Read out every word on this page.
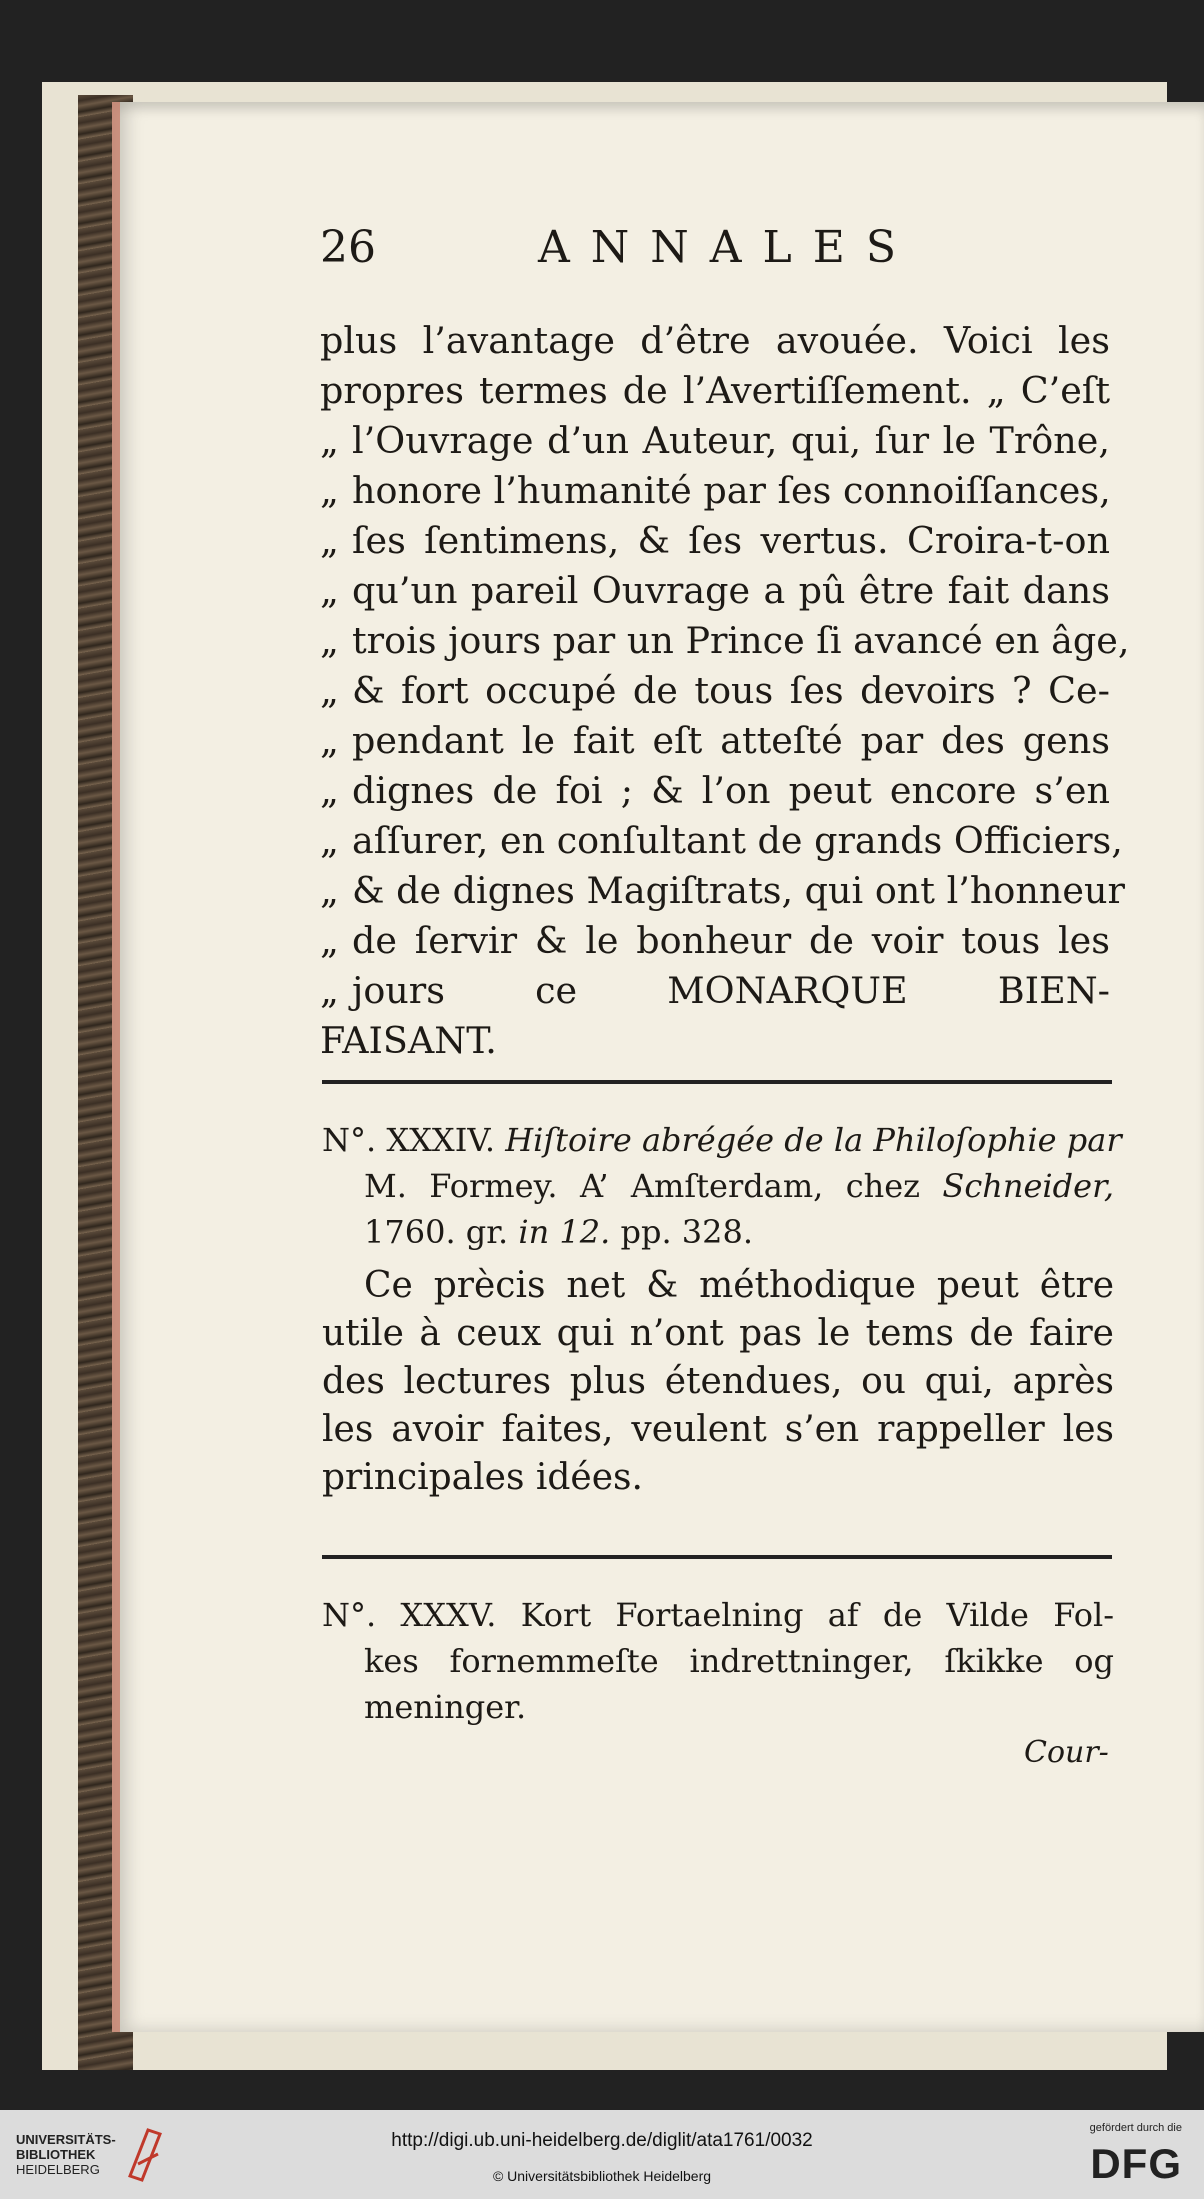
26	ANNALES
plus l’avantage d’être avouée. Voici les
propres termes de l’Avertiſſement. „ C’eſt
„ l’Ouvrage d’un Auteur, qui, ſur le Trône,
„ honore l’humanité par ſes connoiſſances,
„ ſes ſentimens, & ſes vertus. Croira-t-on
„ qu’un pareil Ouvrage a pû être fait dans
„ trois jours par un Prince ſi avancé en âge,
„ & fort occupé de tous ſes devoirs ? Ce-
„ pendant le fait eſt atteſté par des gens
„ dignes de foi ; & l’on peut encore s’en
„ aſſurer, en conſultant de grands Officiers,
„ & de dignes Magiſtrats, qui ont l’honneur
„ de ſervir & le bonheur de voir tous les
„ jours ce MONARQUE BIEN-
FAISANT.
N°. XXXIV. Hiſtoire abrégée de la Philoſophie par
M. Formey. A’ Amſterdam, chez Schneider,
1760. gr. in 12. pp. 328.
Ce prècis net & méthodique peut être
utile à ceux qui n’ont pas le tems de faire
des lectures plus étendues, ou qui, après
les avoir faites, veulent s’en rappeller les
principales idées.
N°. XXXV. Kort Fortaelning af de Vilde Fol-
kes fornemmeſte indrettninger, ſkikke og
meninger.
Cour-
UNIVERSITÄTS-
BIBLIOTHEK
HEIDELBERG
http://digi.ub.uni-heidelberg.de/diglit/ata1761/0032
© Universitätsbibliothek Heidelberg
gefördert durch die
DFG
